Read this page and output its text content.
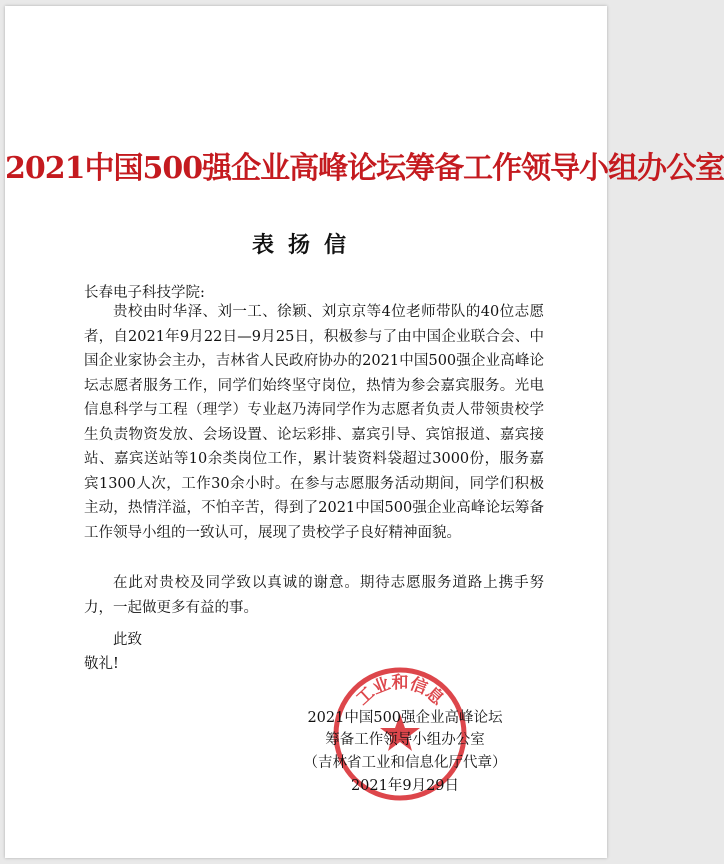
2021中国500强企业高峰论坛筹备工作领导小组办公室
表扬信
长春电子科技学院:

贵校由时华泽、刘一工、徐颖、刘京京等4位老师带队的40位志愿者，自2021年9月22日—9月25日，积极参与了由中国企业联合会、中国企业家协会主办，吉林省人民政府协办的2021中国500强企业高峰论坛志愿者服务工作，同学们始终坚守岗位，热情为参会嘉宾服务。光电信息科学与工程（理学）专业赵乃涛同学作为志愿者负责人带领贵校学生负责物资发放、会场设置、论坛彩排、嘉宾引导、宾馆报道、嘉宾接站、嘉宾送站等10余类岗位工作，累计装资料袋超过3000份，服务嘉宾1300人次，工作30余小时。在参与志愿服务活动期间，同学们积极主动，热情洋溢，不怕辛苦，得到了2021中国500强企业高峰论坛筹备工作领导小组的一致认可，展现了贵校学子良好精神面貌。

在此对贵校及同学致以真诚的谢意。期待志愿服务道路上携手努力，一起做更多有益的事。

此致
敬礼!
工业和信息
2021中国500强企业高峰论坛
筹备工作领导小组办公室
（吉林省工业和信息化厅代章）
2021年9月29日
